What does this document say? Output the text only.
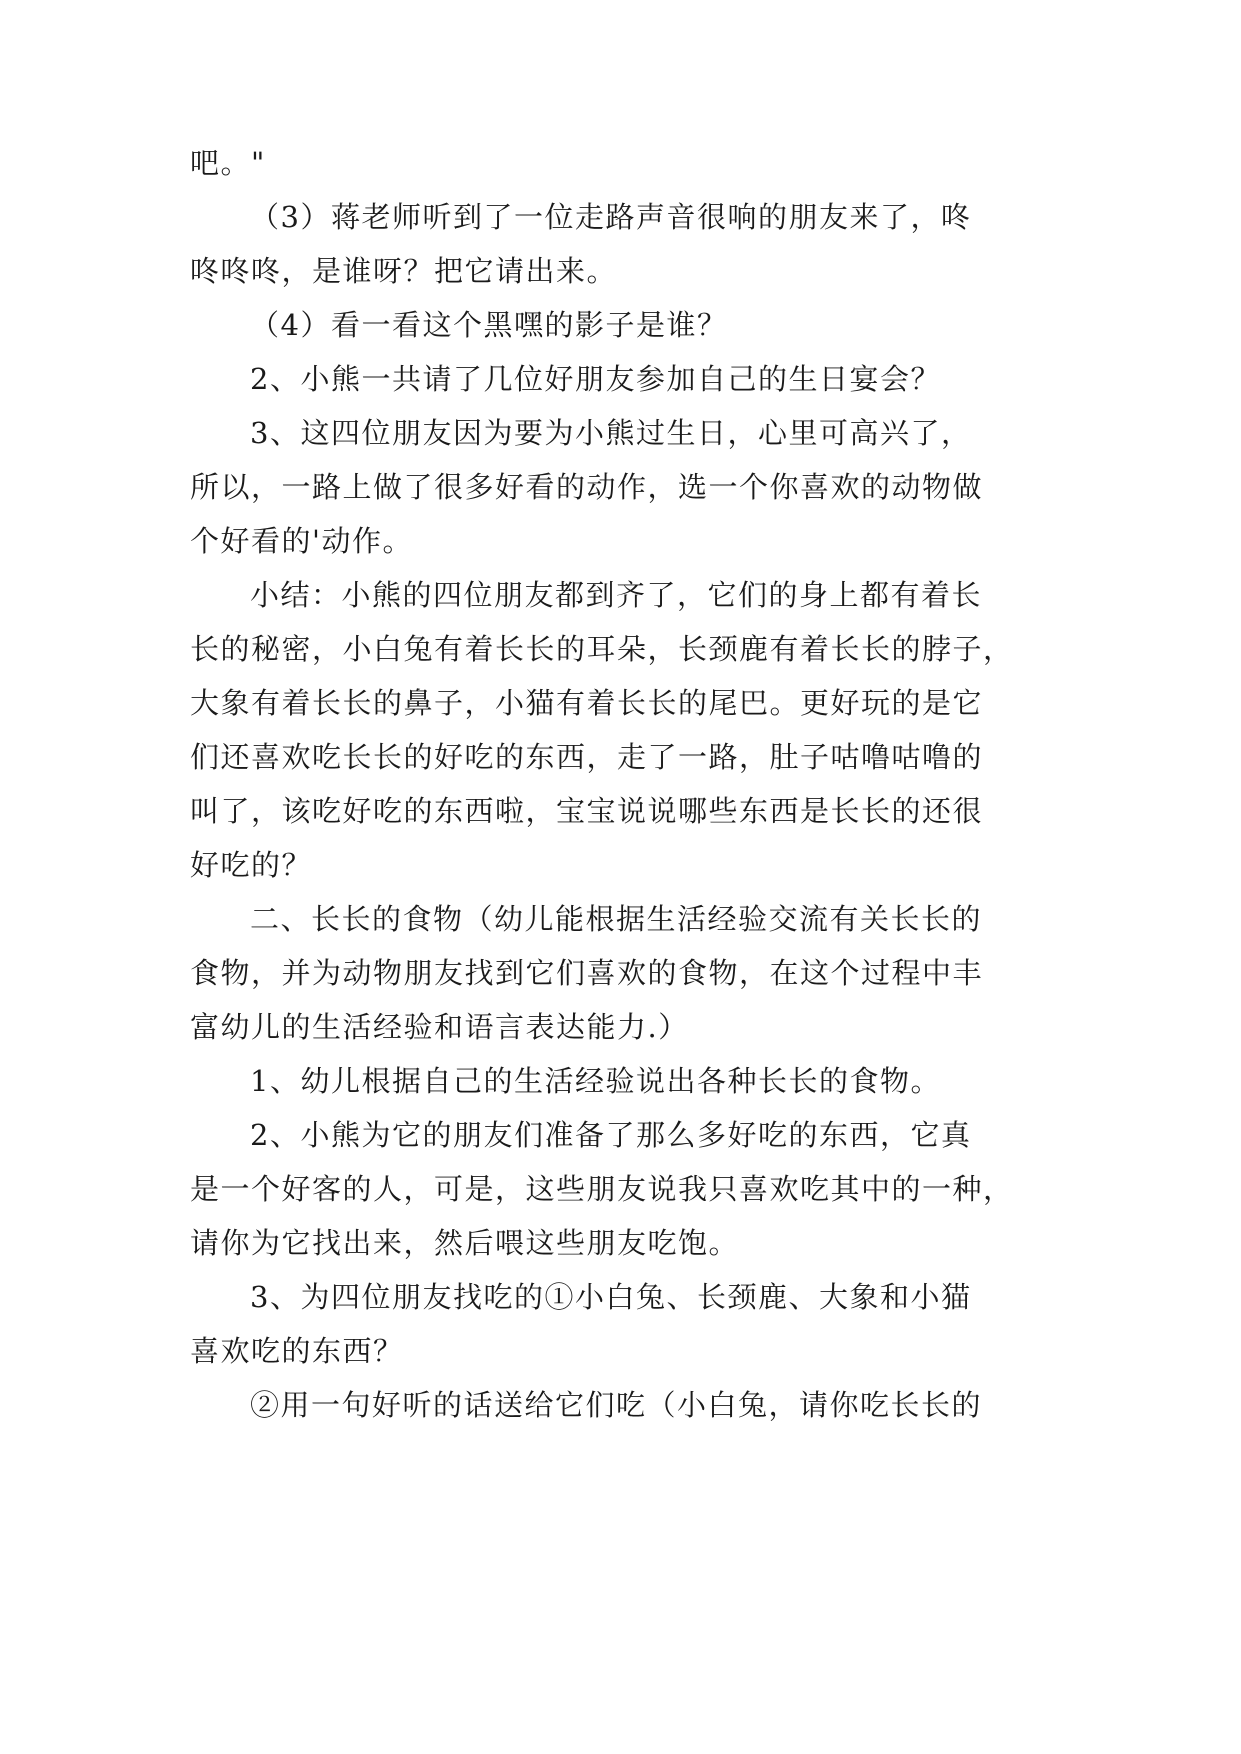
吧。"
（3）蒋老师听到了一位走路声音很响的朋友来了，咚
咚咚咚，是谁呀？把它请出来。
（4）看一看这个黑嘿的影子是谁？
2、小熊一共请了几位好朋友参加自己的生日宴会？
3、这四位朋友因为要为小熊过生日，心里可高兴了，
所以，一路上做了很多好看的动作，选一个你喜欢的动物做
个好看的'动作。
小结：小熊的四位朋友都到齐了，它们的身上都有着长
长的秘密，小白兔有着长长的耳朵，长颈鹿有着长长的脖子，
大象有着长长的鼻子，小猫有着长长的尾巴。更好玩的是它
们还喜欢吃长长的好吃的东西，走了一路，肚子咕噜咕噜的
叫了，该吃好吃的东西啦，宝宝说说哪些东西是长长的还很
好吃的？
二、长长的食物（幼儿能根据生活经验交流有关长长的
食物，并为动物朋友找到它们喜欢的食物，在这个过程中丰
富幼儿的生活经验和语言表达能力.）
1、幼儿根据自己的生活经验说出各种长长的食物。
2、小熊为它的朋友们准备了那么多好吃的东西，它真
是一个好客的人，可是，这些朋友说我只喜欢吃其中的一种，
请你为它找出来，然后喂这些朋友吃饱。
3、为四位朋友找吃的①小白兔、长颈鹿、大象和小猫
喜欢吃的东西？
②用一句好听的话送给它们吃（小白兔，请你吃长长的
